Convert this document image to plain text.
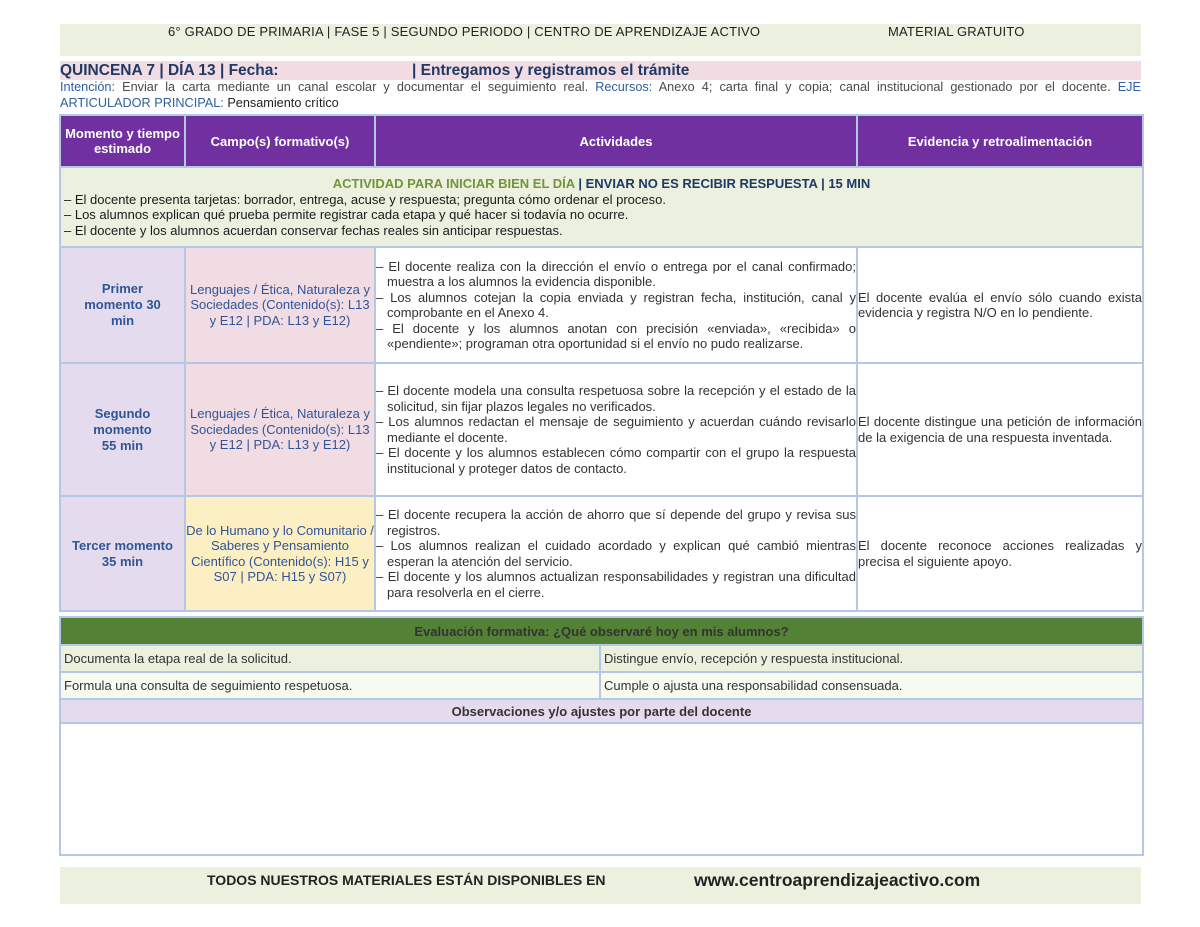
6° GRADO DE PRIMARIA | FASE 5 | SEGUNDO PERIODO | CENTRO DE APRENDIZAJE ACTIVO	MATERIAL GRATUITO
QUINCENA 7 | DÍA 13 | Fecha:	| Entregamos y registramos el trámite
Intención: Enviar la carta mediante un canal escolar y documentar el seguimiento real. Recursos: Anexo 4; carta final y copia; canal institucional gestionado por el docente. EJE ARTICULADOR PRINCIPAL: Pensamiento crítico
Momento y tiempo estimado	Campo(s) formativo(s)	Actividades	Evidencia y retroalimentación

ACTIVIDAD PARA INICIAR BIEN EL DÍA | ENVIAR NO ES RECIBIR RESPUESTA | 15 MIN
– El docente presenta tarjetas: borrador, entrega, acuse y respuesta; pregunta cómo ordenar el proceso.
– Los alumnos explican qué prueba permite registrar cada etapa y qué hacer si todavía no ocurre.
– El docente y los alumnos acuerdan conservar fechas reales sin anticipar respuestas.			

Primer momento 30 min	Lenguajes / Ética, Naturaleza y Sociedades (Contenido(s): L13 y E12 | PDA: L13 y E12)	– El docente realiza con la dirección el envío o entrega por el canal confirmado; muestra a los alumnos la evidencia disponible.
– Los alumnos cotejan la copia enviada y registran fecha, institución, canal y comprobante en el Anexo 4.
– El docente y los alumnos anotan con precisión «enviada», «recibida» o «pendiente»; programan otra oportunidad si el envío no pudo realizarse.	El docente evalúa el envío sólo cuando exista evidencia y registra N/O en lo pendiente.

Segundo momento 55 min	Lenguajes / Ética, Naturaleza y Sociedades (Contenido(s): L13 y E12 | PDA: L13 y E12)	– El docente modela una consulta respetuosa sobre la recepción y el estado de la solicitud, sin fijar plazos legales no verificados.
– Los alumnos redactan el mensaje de seguimiento y acuerdan cuándo revisarlo mediante el docente.
– El docente y los alumnos establecen cómo compartir con el grupo la respuesta institucional y proteger datos de contacto.	El docente distingue una petición de información de la exigencia de una respuesta inventada.

Tercer momento 35 min	De lo Humano y lo Comunitario / Saberes y Pensamiento Científico (Contenido(s): H15 y S07 | PDA: H15 y S07)	– El docente recupera la acción de ahorro que sí depende del grupo y revisa sus registros.
– Los alumnos realizan el cuidado acordado y explican qué cambió mientras esperan la atención del servicio.
– El docente y los alumnos actualizan responsabilidades y registran una dificultad para resolverla en el cierre.	El docente reconoce acciones realizadas y precisa el siguiente apoyo.
Evaluación formativa: ¿Qué observaré hoy en mis alumnos?	
Documenta la etapa real de la solicitud.	Distingue envío, recepción y respuesta institucional.
Formula una consulta de seguimiento respetuosa.	Cumple o ajusta una responsabilidad consensuada.
Observaciones y/o ajustes por parte del docente	

TODOS NUESTROS MATERIALES ESTÁN DISPONIBLES EN	www.centroaprendizajeactivo.com
